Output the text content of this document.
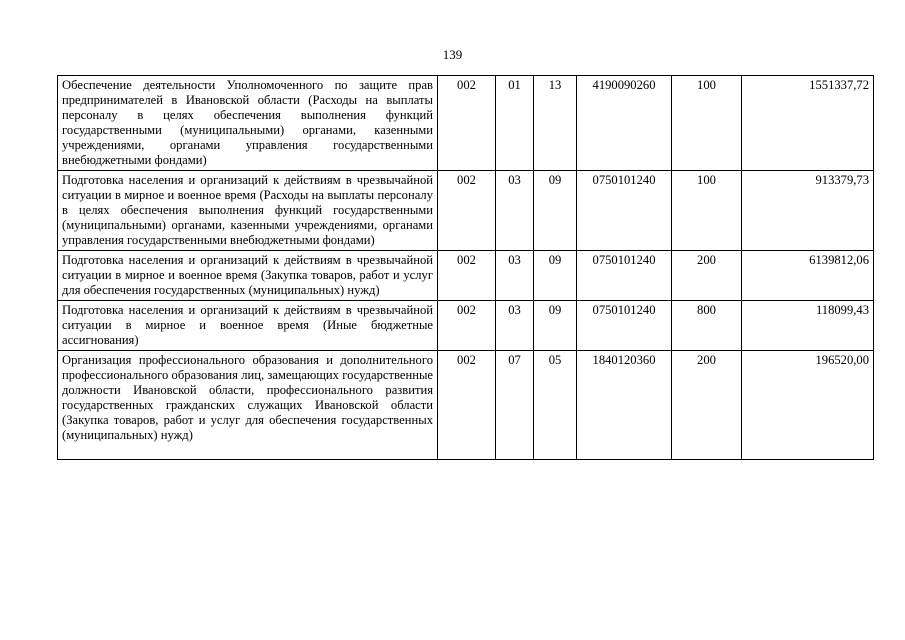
139
Обеспечение деятельности Уполномоченного по защите прав предпринимателей в Ивановской области (Расходы на выплаты персоналу в целях обеспечения выполнения функций государственными (муниципальными) органами, казенными учреждениями, органами управления государственными внебюджетными фондами)	002	01	13	4190090260	100	1551337,72
Подготовка населения и организаций к действиям в чрезвычайной ситуации в мирное и военное время (Расходы на выплаты персоналу в целях обеспечения выполнения функций государственными (муниципальными) органами, казенными учреждениями, органами управления государственными внебюджетными фондами)	002	03	09	0750101240	100	913379,73
Подготовка населения и организаций к действиям в чрезвычайной ситуации в мирное и военное время (Закупка товаров, работ и услуг для обеспечения государственных (муниципальных) нужд)	002	03	09	0750101240	200	6139812,06
Подготовка населения и организаций к действиям в чрезвычайной ситуации в мирное и военное время (Иные бюджетные ассигнования)	002	03	09	0750101240	800	118099,43
Организация профессионального образования и дополнительного профессионального образования лиц, замещающих государственные должности Ивановской области, профессионального развития государственных гражданских служащих Ивановской области (Закупка товаров, работ и услуг для обеспечения государственных (муниципальных) нужд)	002	07	05	1840120360	200	196520,00
